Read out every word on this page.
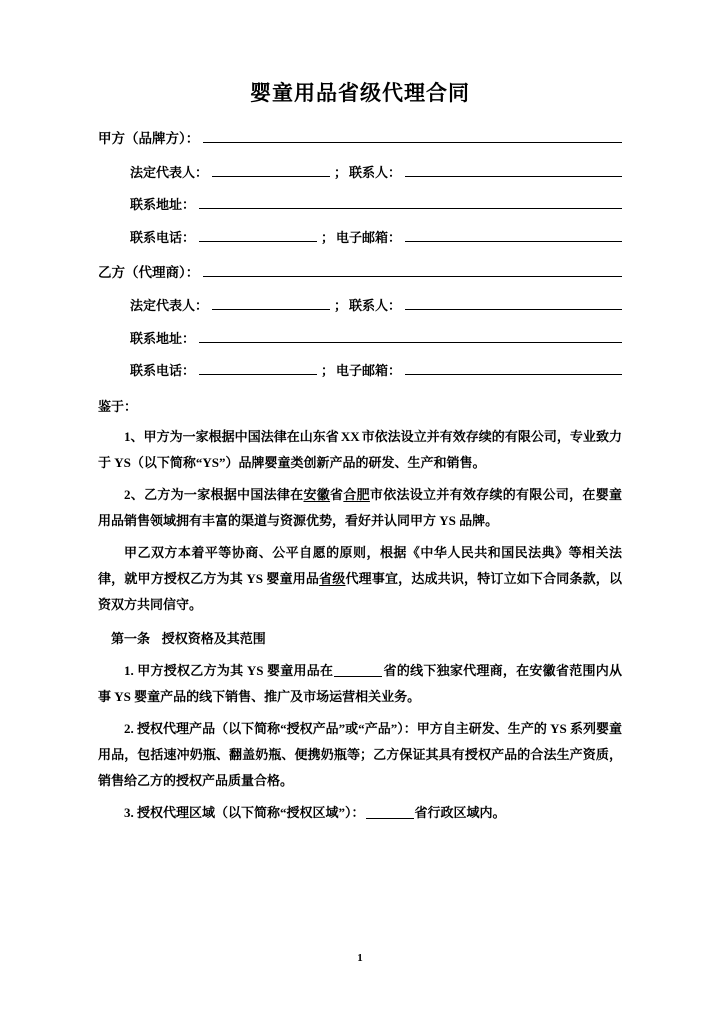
婴童用品省级代理合同
甲方（品牌方）：
法定代表人：	； 联系人：
联系地址：
联系电话：	； 电子邮箱：
乙方（代理商）：
法定代表人：	； 联系人：
联系地址：
联系电话：	； 电子邮箱：
鉴于：

1、甲方为一家根据中国法律在山东省 XX 市依法设立并有效存续的有限公司，专业致力于 YS（以下简称“YS”）品牌婴童类创新产品的研发、生产和销售。

2、乙方为一家根据中国法律在安徽省合肥市依法设立并有效存续的有限公司，在婴童用品销售领域拥有丰富的渠道与资源优势，看好并认同甲方 YS 品牌。

甲乙双方本着平等协商、公平自愿的原则，根据《中华人民共和国民法典》等相关法律，就甲方授权乙方为其 YS 婴童用品省级代理事宜，达成共识，特订立如下合同条款，以资双方共同信守。

第一条 授权资格及其范围

1. 甲方授权乙方为其 YS 婴童用品在	省的线下独家代理商，在安徽省范围内从事 YS 婴童产品的线下销售、推广及市场运营相关业务。

2. 授权代理产品（以下简称“授权产品”或“产品”）：甲方自主研发、生产的 YS 系列婴童用品，包括速冲奶瓶、翻盖奶瓶、便携奶瓶等；乙方保证其具有授权产品的合法生产资质，销售给乙方的授权产品质量合格。

3. 授权代理区域（以下简称“授权区域”）：	省行政区域内。

1
